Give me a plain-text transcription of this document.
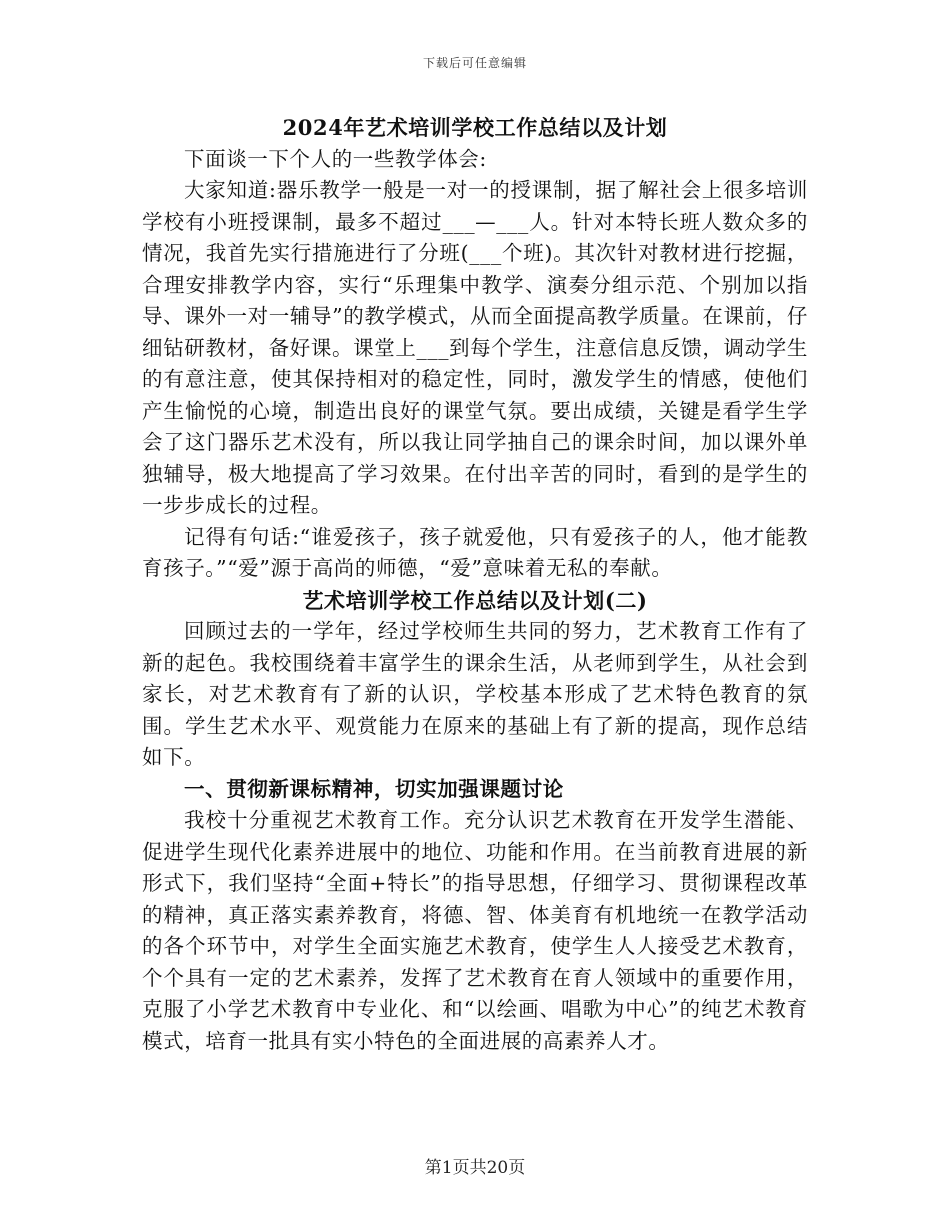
下载后可任意编辑
2024年艺术培训学校工作总结以及计划

下面谈一下个人的一些教学体会:

大家知道:器乐教学一般是一对一的授课制，据了解社会上很多培训学校有小班授课制，最多不超过___—___人。针对本特长班人数众多的情况，我首先实行措施进行了分班(___个班)。其次针对教材进行挖掘，合理安排教学内容，实行“乐理集中教学、演奏分组示范、个别加以指导、课外一对一辅导”的教学模式，从而全面提高教学质量。在课前，仔细钻研教材，备好课。课堂上___到每个学生，注意信息反馈，调动学生的有意注意，使其保持相对的稳定性，同时，激发学生的情感，使他们产生愉悦的心境，制造出良好的课堂气氛。要出成绩，关键是看学生学会了这门器乐艺术没有，所以我让同学抽自己的课余时间，加以课外单独辅导，极大地提高了学习效果。在付出辛苦的同时，看到的是学生的一步步成长的过程。

记得有句话:“谁爱孩子，孩子就爱他，只有爱孩子的人，他才能教育孩子。”“爱”源于高尚的师德，“爱”意味着无私的奉献。

艺术培训学校工作总结以及计划(二)

回顾过去的一学年，经过学校师生共同的努力，艺术教育工作有了新的起色。我校围绕着丰富学生的课余生活，从老师到学生，从社会到家长，对艺术教育有了新的认识，学校基本形成了艺术特色教育的氛围。学生艺术水平、观赏能力在原来的基础上有了新的提高，现作总结如下。

一、贯彻新课标精神，切实加强课题讨论

我校十分重视艺术教育工作。充分认识艺术教育在开发学生潜能、促进学生现代化素养进展中的地位、功能和作用。在当前教育进展的新形式下，我们坚持“全面+特长”的指导思想，仔细学习、贯彻课程改革的精神，真正落实素养教育，将德、智、体美育有机地统一在教学活动的各个环节中，对学生全面实施艺术教育，使学生人人接受艺术教育，个个具有一定的艺术素养，发挥了艺术教育在育人领域中的重要作用，克服了小学艺术教育中专业化、和“以绘画、唱歌为中心”的纯艺术教育模式，培育一批具有实小特色的全面进展的高素养人才。

第1页共20页
